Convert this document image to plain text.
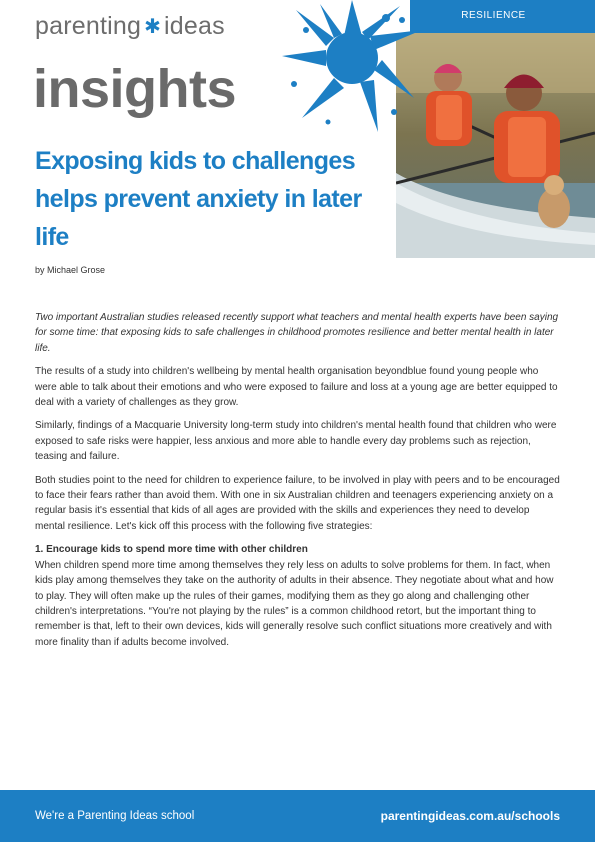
parenting ✱ ideas
insights
RESILIENCE
Exposing kids to challenges helps prevent anxiety in later life
by Michael Grose

Two important Australian studies released recently support what teachers and mental health experts have been saying for some time: that exposing kids to safe challenges in childhood promotes resilience and better mental health in later life.

The results of a study into children's wellbeing by mental health organisation beyondblue found young people who were able to talk about their emotions and who were exposed to failure and loss at a young age are better equipped to deal with a variety of challenges as they grow.

Similarly, findings of a Macquarie University long-term study into children's mental health found that children who were exposed to safe risks were happier, less anxious and more able to handle every day problems such as rejection, teasing and failure.

Both studies point to the need for children to experience failure, to be involved in play with peers and to be encouraged to face their fears rather than avoid them. With one in six Australian children and teenagers experiencing anxiety on a regular basis it's essential that kids of all ages are provided with the skills and experiences they need to develop mental resilience. Let's kick off this process with the following five strategies:

1. Encourage kids to spend more time with other children

When children spend more time among themselves they rely less on adults to solve problems for them. In fact, when kids play among themselves they take on the authority of adults in their absence. They negotiate about what and how to play. They will often make up the rules of their games, modifying them as they go along and challenging other children's interpretations. “You're not playing by the rules” is a common childhood retort, but the important thing to remember is that, left to their own devices, kids will generally resolve such conflict situations more creatively and with more finality than if adults become involved.

We're a Parenting Ideas school	parentingideas.com.au/schools
